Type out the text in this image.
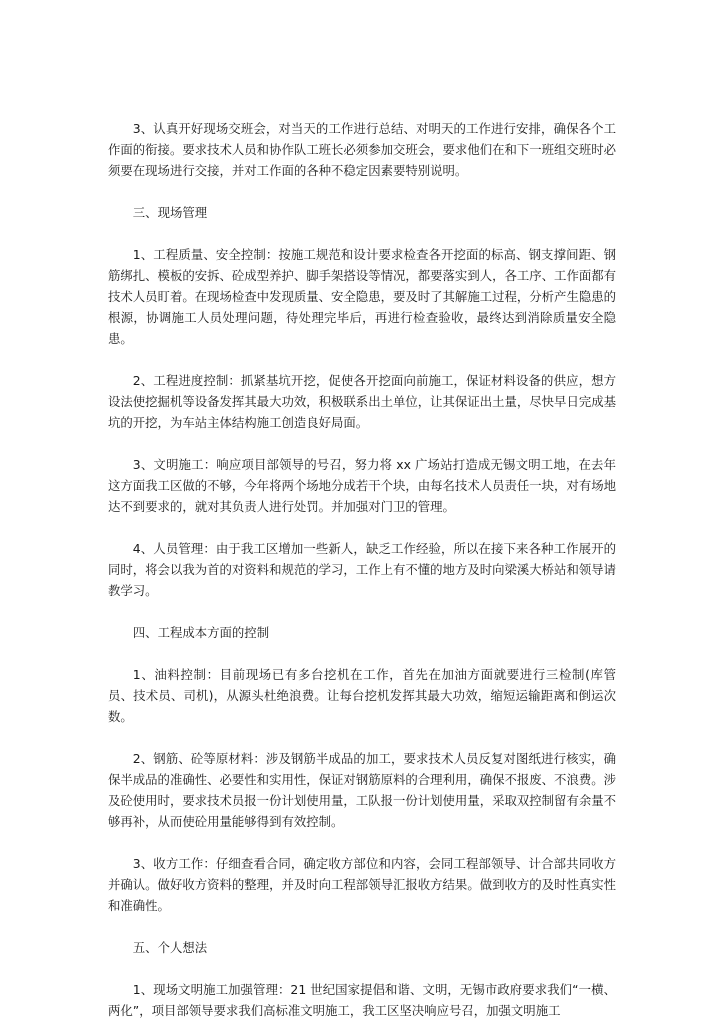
3、认真开好现场交班会，对当天的工作进行总结、对明天的工作进行安排，确保各个工作面的衔接。要求技术人员和协作队工班长必须参加交班会，要求他们在和下一班组交班时必须要在现场进行交接，并对工作面的各种不稳定因素要特别说明。

三、现场管理

1、工程质量、安全控制：按施工规范和设计要求检查各开挖面的标高、钢支撑间距、钢筋绑扎、模板的安拆、砼成型养护、脚手架搭设等情况，都要落实到人，各工序、工作面都有技术人员盯着。在现场检查中发现质量、安全隐患，要及时了其解施工过程，分析产生隐患的根源，协调施工人员处理问题，待处理完毕后，再进行检查验收，最终达到消除质量安全隐患。

2、工程进度控制：抓紧基坑开挖，促使各开挖面向前施工，保证材料设备的供应，想方设法使挖掘机等设备发挥其最大功效，积极联系出土单位，让其保证出土量，尽快早日完成基坑的开挖，为车站主体结构施工创造良好局面。

3、文明施工：响应项目部领导的号召，努力将 xx 广场站打造成无锡文明工地，在去年这方面我工区做的不够，今年将两个场地分成若干个块，由每名技术人员责任一块，对有场地达不到要求的，就对其负责人进行处罚。并加强对门卫的管理。

4、人员管理：由于我工区增加一些新人，缺乏工作经验，所以在接下来各种工作展开的同时，将会以我为首的对资料和规范的学习，工作上有不懂的地方及时向梁溪大桥站和领导请教学习。

四、工程成本方面的控制

1、油料控制：目前现场已有多台挖机在工作，首先在加油方面就要进行三检制(库管员、技术员、司机)，从源头杜绝浪费。让每台挖机发挥其最大功效，缩短运输距离和倒运次数。

2、钢筋、砼等原材料：涉及钢筋半成品的加工，要求技术人员反复对图纸进行核实，确保半成品的准确性、必要性和实用性，保证对钢筋原料的合理利用，确保不报废、不浪费。涉及砼使用时，要求技术员报一份计划使用量，工队报一份计划使用量，采取双控制留有余量不够再补，从而使砼用量能够得到有效控制。

3、收方工作：仔细查看合同，确定收方部位和内容，会同工程部领导、计合部共同收方并确认。做好收方资料的整理，并及时向工程部领导汇报收方结果。做到收方的及时性真实性和准确性。

五、个人想法

1、现场文明施工加强管理：21 世纪国家提倡和谐、文明，无锡市政府要求我们“一横、两化”，项目部领导要求我们高标准文明施工，我工区坚决响应号召，加强文明施工
